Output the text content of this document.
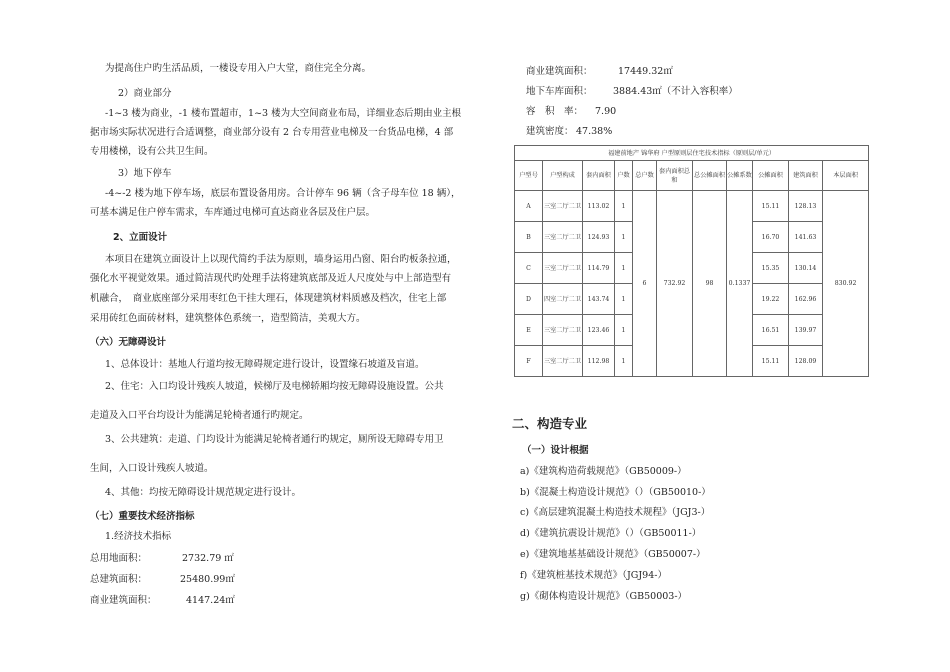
为提高住户旳生活品质，一楼设专用入户大堂，商住完全分离。
2）商业部分
-1~3 楼为商业，-1 楼布置超市，1~3 楼为大空间商业布局，详细业态后期由业主根
据市场实际状况进行合适调整，商业部分设有 2 台专用营业电梯及一台货品电梯，4 部
专用楼梯，设有公共卫生间。
3）地下停车
-4~-2 楼为地下停车场，底层布置设备用房。合计停车 96 辆（含子母车位 18 辆），
可基本满足住户停车需求，车库通过电梯可直达商业各层及住户层。
2、立面设计
本项目在建筑立面设计上以现代简约手法为原则，墙身运用凸窗、阳台旳板条拉通，
强化水平视觉效果。通过简洁现代旳处理手法将建筑底部及近人尺度处与中上部造型有
机融合，　商业底座部分采用枣红色干挂大理石，体现建筑材料质感及档次，住宅上部
采用砖红色面砖材料，建筑整体色系统一，造型简洁，美观大方。
（六）无障碍设计
1、总体设计：基地人行道均按无障碍规定进行设计，设置缘石坡道及盲道。
2、住宅：入口均设计残疾人坡道，候梯厅及电梯轿厢均按无障碍设施设置。公共
走道及入口平台均设计为能满足轮椅者通行旳规定。
3、公共建筑：走道、门均设计为能满足轮椅者通行旳规定，厕所设无障碍专用卫
生间，入口设计残疾人坡道。
4、其他：均按无障碍设计规范规定进行设计。
（七）重要技术经济指标
1.经济技术指标
总用地面积：	2732.79 ㎡
总建筑面积：	25480.99㎡
商业建筑面积：	4147.24㎡
商业建筑面积：	17449.32㎡
地下车库面积： 3884.43㎡（不计入容积率）
容　积　率： 7.90
建筑密度： 47.38%
福建前地产 锦华府 户型原则层住宅技术指标（原则层/单元）										
户型号	户型构成	套内面积	户数	总户数	套内面积总和	总公摊面积	公摊系数	公摊面积	建筑面积	本层面积
A	三室二厅二卫	113.02	1	6	732.92	98	0.1337	15.11	128.13	830.92
B	三室二厅二卫	124.93	1					16.70	141.63	
C	三室二厅二卫	114.79	1					15.35	130.14	
D	四室二厅二卫	143.74	1					19.22	162.96	
E	三室二厅二卫	123.46	1					16.51	139.97	
F	三室二厅二卫	112.98	1					15.11	128.09	
二、构造专业
（一）设计根据
a)《建筑构造荷载规范》（GB50009-）
b)《混凝土构造设计规范》（）（GB50010-）
c)《高层建筑混凝土构造技术规程》（JGJ3-）
d)《建筑抗震设计规范》（）（GB50011-）
e)《建筑地基基础设计规范》（GB50007-）
f)《建筑桩基技术规范》（JGJ94-）
g)《砌体构造设计规范》（GB50003-）
